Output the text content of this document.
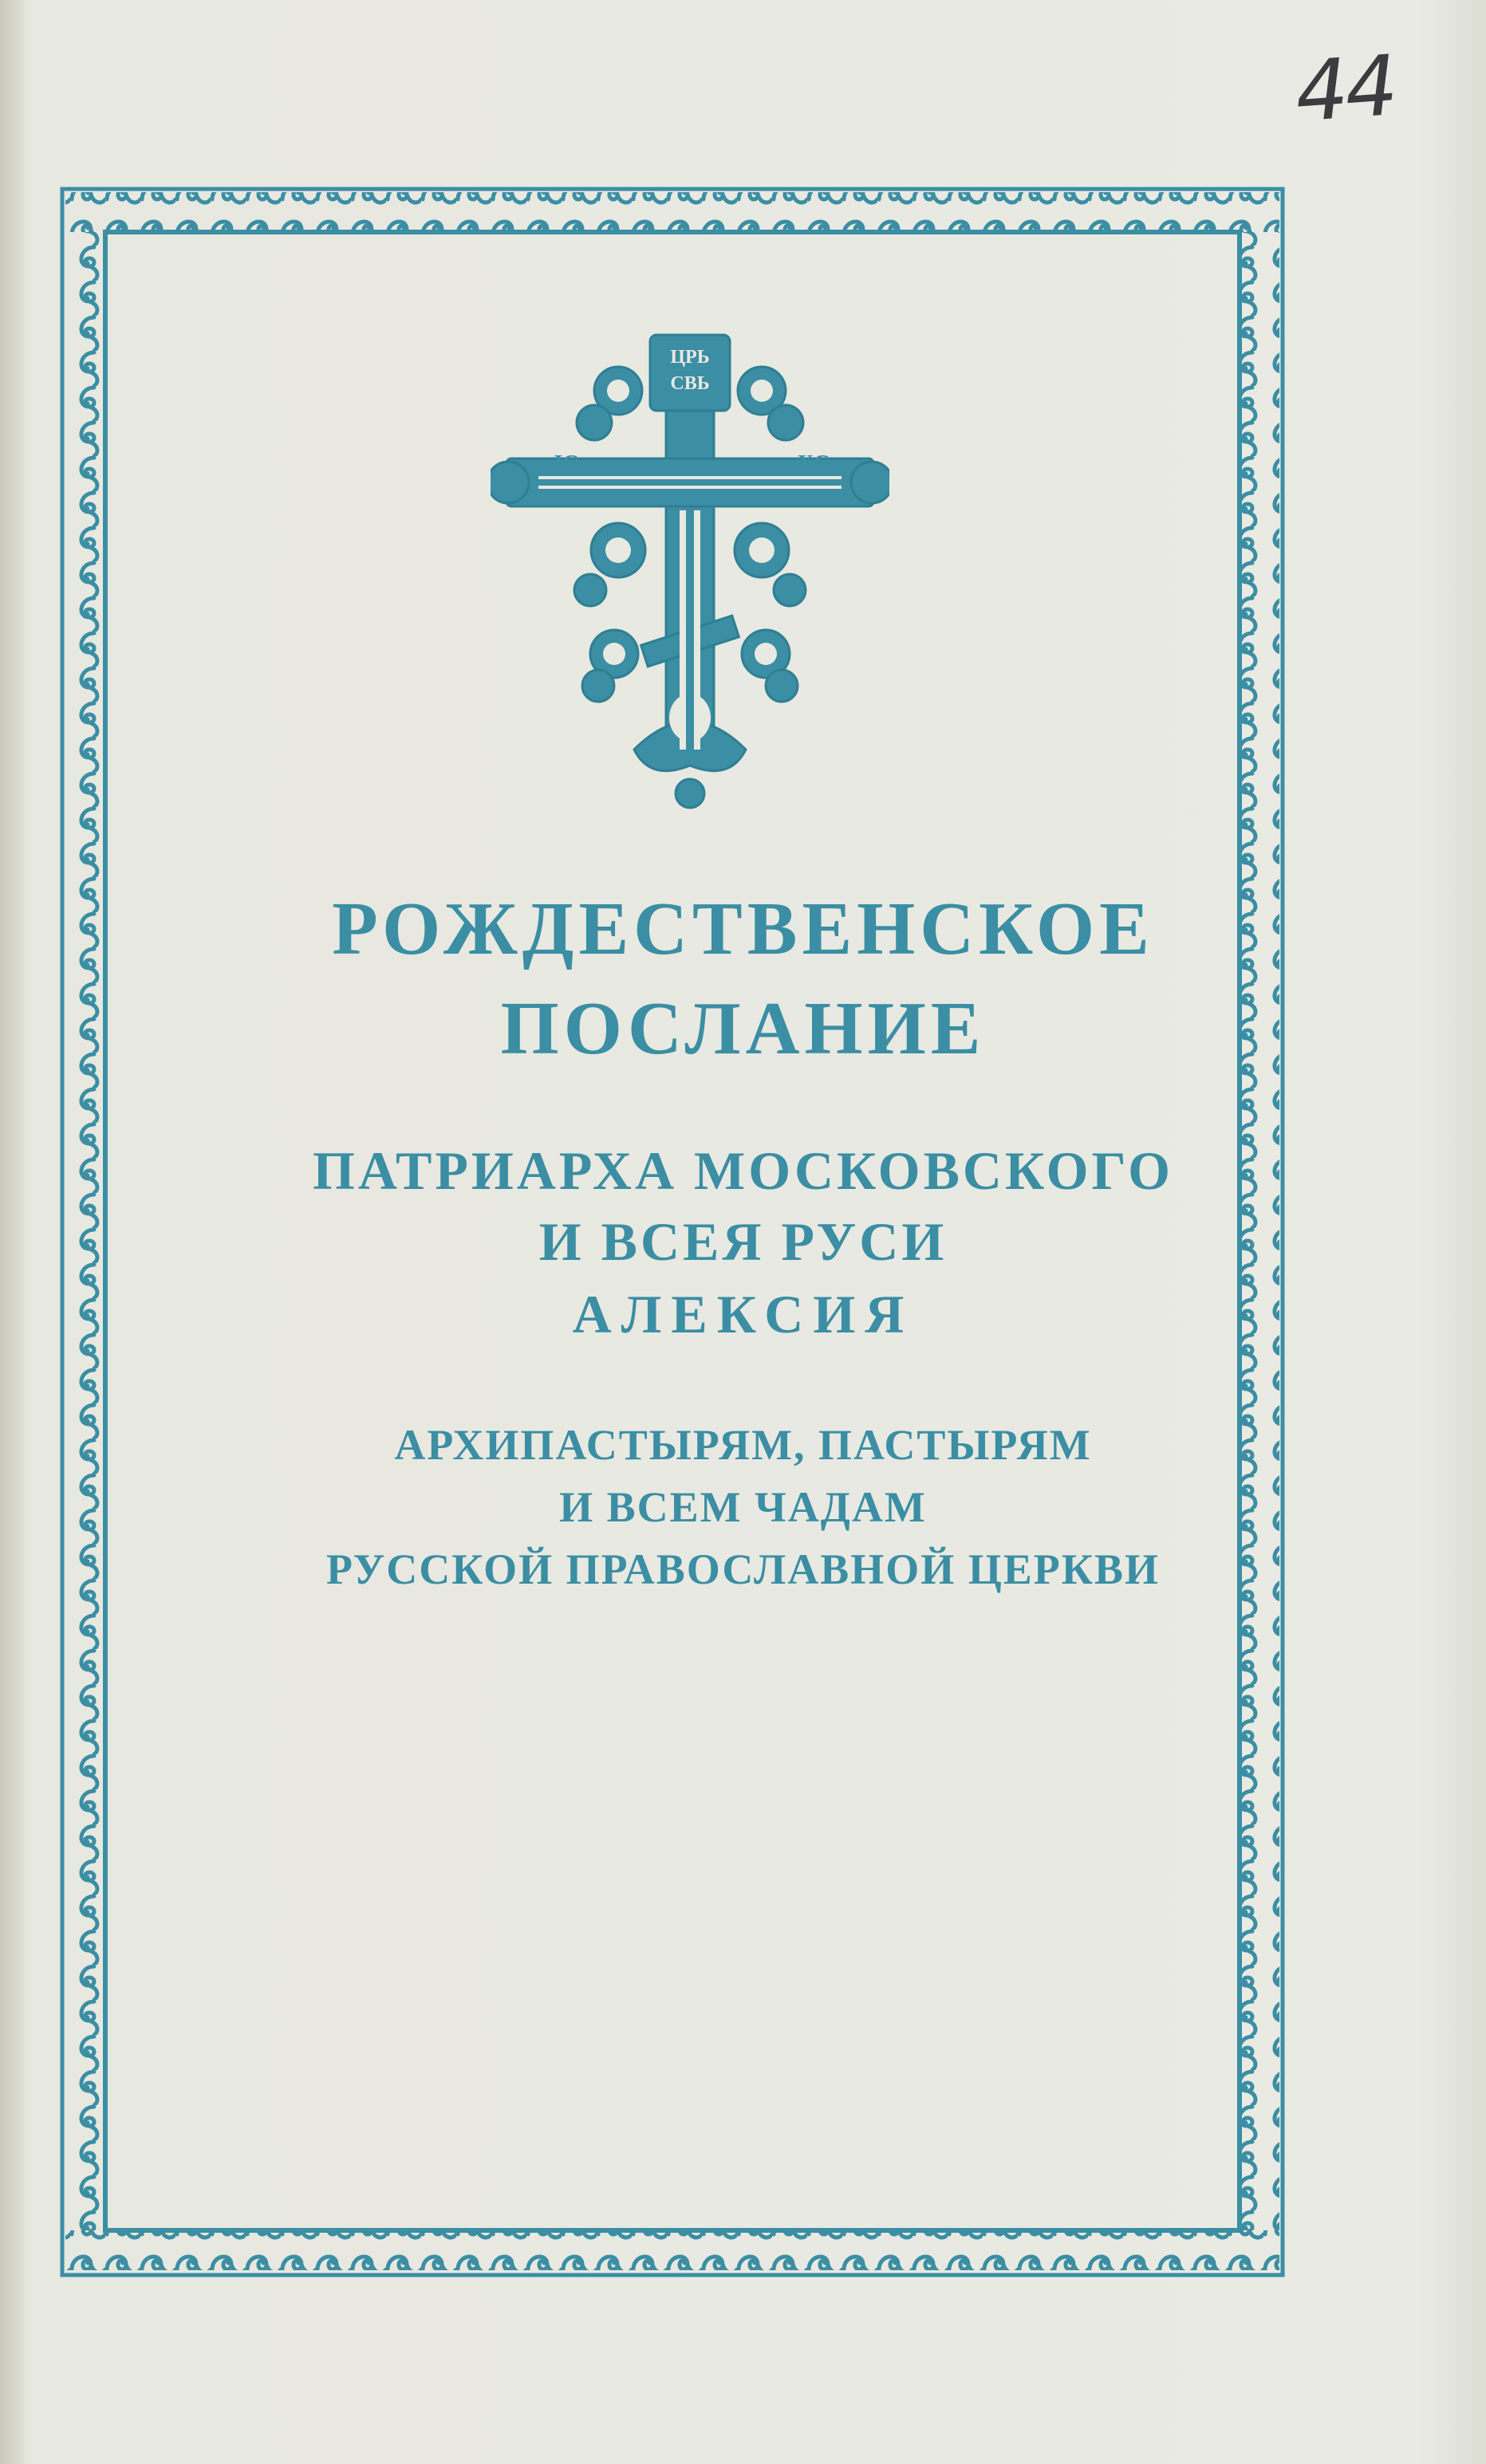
44
ЦРЬ
СВЬ
IC	XC
РОЖДЕСТВЕНСКОЕ
ПОСЛАНИЕ
ПАТРИАРХА МОСКОВСКОГО
И ВСЕЯ РУСИ
АЛЕКСИЯ
АРХИПАСТЫРЯМ, ПАСТЫРЯМ
И ВСЕМ ЧАДАМ
РУССКОЙ ПРАВОСЛАВНОЙ ЦЕРКВИ
